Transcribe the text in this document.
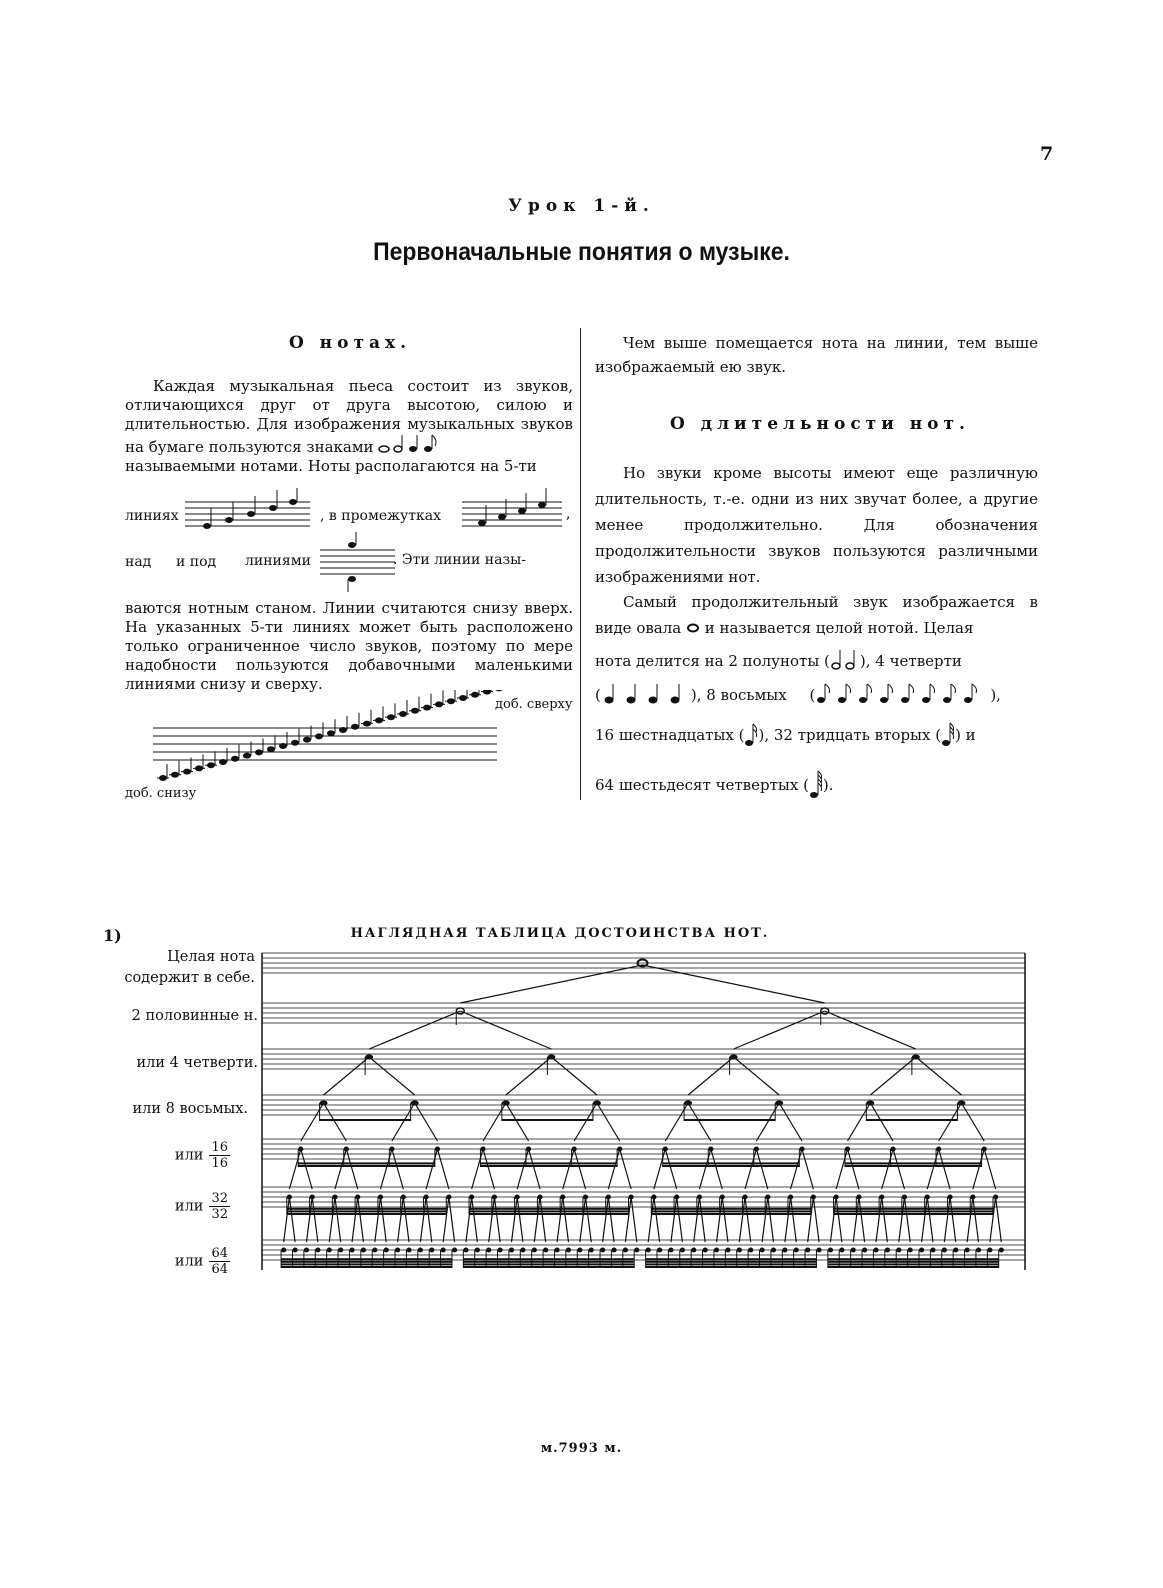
7
Урок 1-й.
Первоначальные понятия о музыке.
О нотах.
Каждая музыкальная пьеса состоит из звуков, отличающихся друг от друга высотою, силою и длительностью. Для изображения музыкальных звуков на бумаге пользуются знаками
называемыми нотами. Ноты располагаются на 5-ти
линиях	, в промежутках	,
над и под линиями	. Эти линии назы-
ваются нотным станом. Линии считаются снизу вверх. На указанных 5-ти линиях может быть расположено только ограниченное число звуков, поэтому по мере надобности пользуются добавочными маленькими линиями снизу и сверху.
доб. сверху
доб. снизу
Чем выше помещается нота на линии, тем выше изображаемый ею звук.
О длительности нот.
Но звуки кроме высоты имеют еще различную длительность, т.-е. одни из них звучат более, а другие менее продолжительно. Для обозначения продолжительности звуков пользуются различными изображениями нот.
Самый продолжительный звук изображается в виде овала и называется целой нотой. Целая
нота делится на 2 полуноты ( ), 4 четверти
(	), 8 восьмых (	),
16 шестнадцатых ( ), 32 тридцать вторых ( ) и
64 шестьдесят четвертых ( ).
1)	НАГЛЯДНАЯ ТАБЛИЦА ДОСТОИНСТВА НОТ.
Целая нота содержит в себе.
2 половинные н.
или 4 четверти.
или 8 восьмых.
или $\frac{16}{16}$
или $\frac{32}{32}$
или $\frac{64}{64}$
м.7993 м.
